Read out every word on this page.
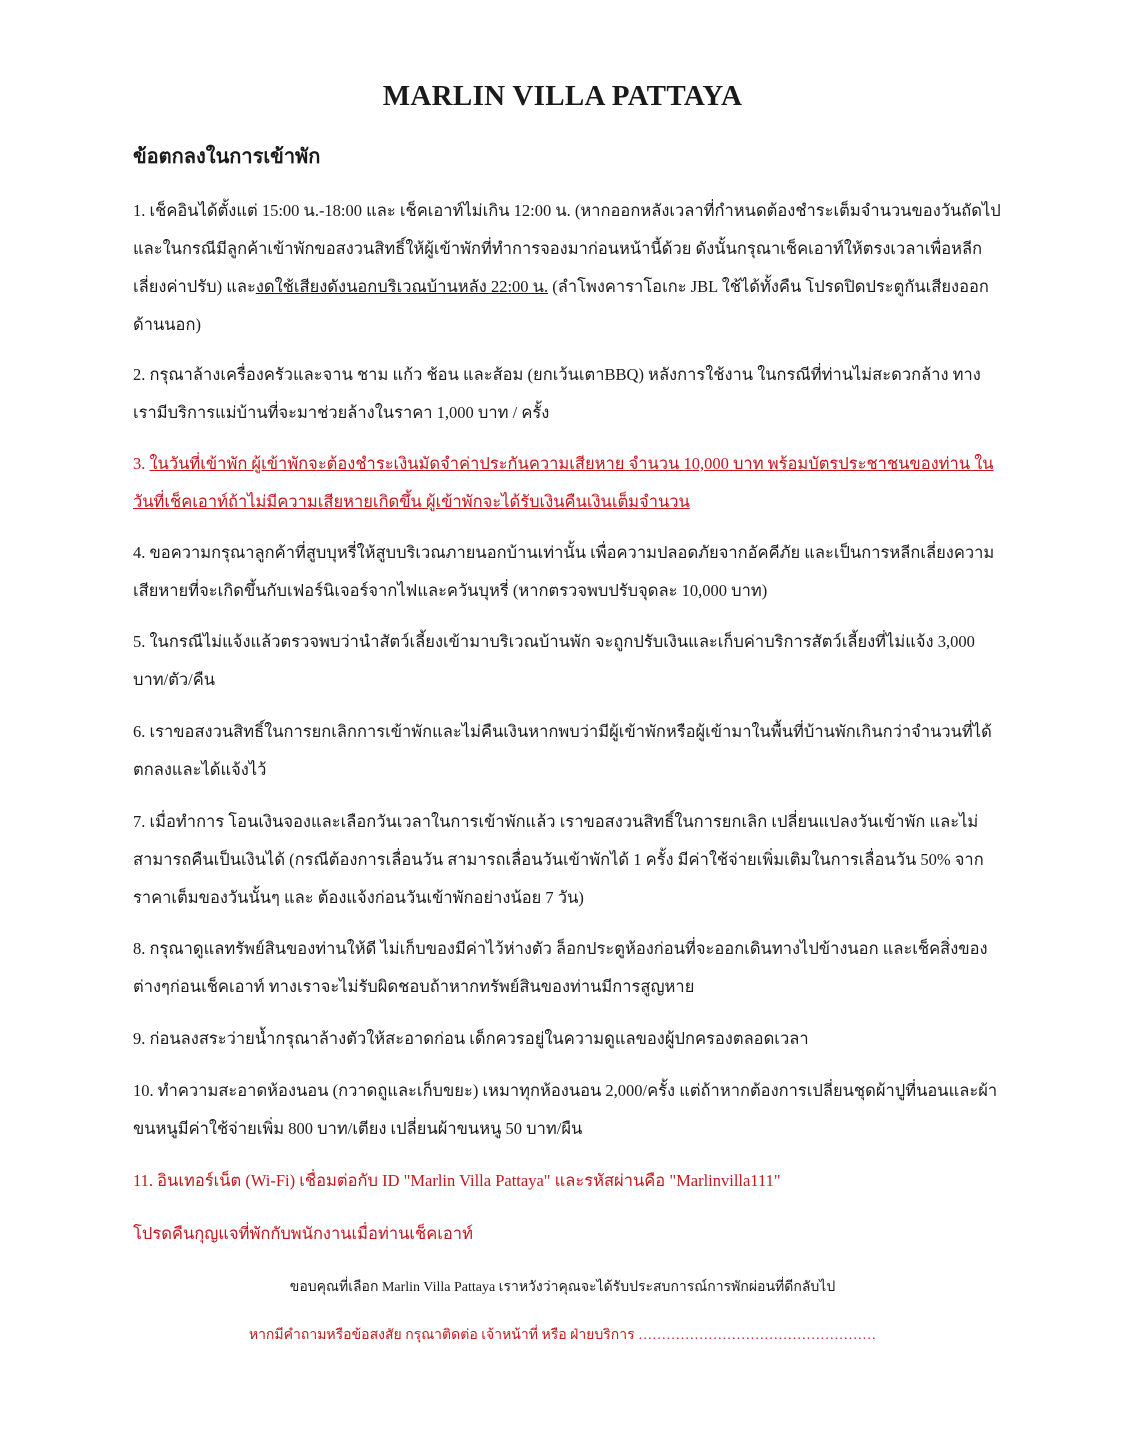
MARLIN VILLA PATTAYA
ข้อตกลงในการเข้าพัก
1. เช็คอินได้ตั้งแต่ 15:00 น.-18:00 และ เช็คเอาท์ไม่เกิน 12:00 น. (หากออกหลังเวลาที่กำหนดต้องชำระเต็มจำนวนของวันถัดไป และในกรณีมีลูกค้าเข้าพักขอสงวนสิทธิ์ให้ผู้เข้าพักที่ทำการจองมาก่อนหน้านี้ด้วย ดังนั้นกรุณาเช็คเอาท์ให้ตรงเวลาเพื่อหลีกเลี่ยงค่าปรับ) และงดใช้เสียงดังนอกบริเวณบ้านหลัง 22:00 น. (ลำโพงคาราโอเกะ JBL ใช้ได้ทั้งคืน โปรดปิดประตูกันเสียงออกด้านนอก)
2. กรุณาล้างเครื่องครัวและจาน ชาม แก้ว ช้อน และส้อม (ยกเว้นเตาBBQ) หลังการใช้งาน ในกรณีที่ท่านไม่สะดวกล้าง ทางเรามีบริการแม่บ้านที่จะมาช่วยล้างในราคา 1,000 บาท / ครั้ง
3. ในวันที่เข้าพัก ผู้เข้าพักจะต้องชำระเงินมัดจำค่าประกันความเสียหาย จำนวน 10,000 บาท พร้อมบัตรประชาชนของท่าน ในวันที่เช็คเอาท์ถ้าไม่มีความเสียหายเกิดขึ้น ผู้เข้าพักจะได้รับเงินคืนเงินเต็มจำนวน
4. ขอความกรุณาลูกค้าที่สูบบุหรี่ให้สูบบริเวณภายนอกบ้านเท่านั้น เพื่อความปลอดภัยจากอัคคีภัย และเป็นการหลีกเลี่ยงความเสียหายที่จะเกิดขึ้นกับเฟอร์นิเจอร์จากไฟและควันบุหรี่ (หากตรวจพบปรับจุดละ 10,000 บาท)
5. ในกรณีไม่แจ้งแล้วตรวจพบว่านำสัตว์เลี้ยงเข้ามาบริเวณบ้านพัก จะถูกปรับเงินและเก็บค่าบริการสัตว์เลี้ยงที่ไม่แจ้ง 3,000 บาท/ตัว/คืน
6. เราขอสงวนสิทธิ์ในการยกเลิกการเข้าพักและไม่คืนเงินหากพบว่ามีผู้เข้าพักหรือผู้เข้ามาในพื้นที่บ้านพักเกินกว่าจำนวนที่ได้ตกลงและได้แจ้งไว้
7. เมื่อทำการ โอนเงินจองและเลือกวันเวลาในการเข้าพักแล้ว เราขอสงวนสิทธิ์ในการยกเลิก เปลี่ยนแปลงวันเข้าพัก และไม่สามารถคืนเป็นเงินได้ (กรณีต้องการเลื่อนวัน สามารถเลื่อนวันเข้าพักได้ 1 ครั้ง มีค่าใช้จ่ายเพิ่มเติมในการเลื่อนวัน 50% จากราคาเต็มของวันนั้นๆ และ ต้องแจ้งก่อนวันเข้าพักอย่างน้อย 7 วัน)
8. กรุณาดูแลทรัพย์สินของท่านให้ดี ไม่เก็บของมีค่าไว้ห่างตัว ล็อกประตูห้องก่อนที่จะออกเดินทางไปข้างนอก และเช็คสิ่งของต่างๆก่อนเช็คเอาท์ ทางเราจะไม่รับผิดชอบถ้าหากทรัพย์สินของท่านมีการสูญหาย
9. ก่อนลงสระว่ายน้ำกรุณาล้างตัวให้สะอาดก่อน เด็กควรอยู่ในความดูแลของผู้ปกครองตลอดเวลา
10. ทำความสะอาดห้องนอน (กวาดถูและเก็บขยะ) เหมาทุกห้องนอน 2,000/ครั้ง แต่ถ้าหากต้องการเปลี่ยนชุดผ้าปูที่นอนและผ้าขนหนูมีค่าใช้จ่ายเพิ่ม 800 บาท/เตียง เปลี่ยนผ้าขนหนู 50 บาท/ผืน
11. อินเทอร์เน็ต (Wi-Fi) เชื่อมต่อกับ ID "Marlin Villa Pattaya" และรหัสผ่านคือ "Marlinvilla111"
โปรดคืนกุญแจที่พักกับพนักงานเมื่อท่านเช็คเอาท์
ขอบคุณที่เลือก Marlin Villa Pattaya เราหวังว่าคุณจะได้รับประสบการณ์การพักผ่อนที่ดีกลับไป
หากมีคำถามหรือข้อสงสัย กรุณาติดต่อ เจ้าหน้าที่ หรือ ฝ่ายบริการ ……………………………………………
